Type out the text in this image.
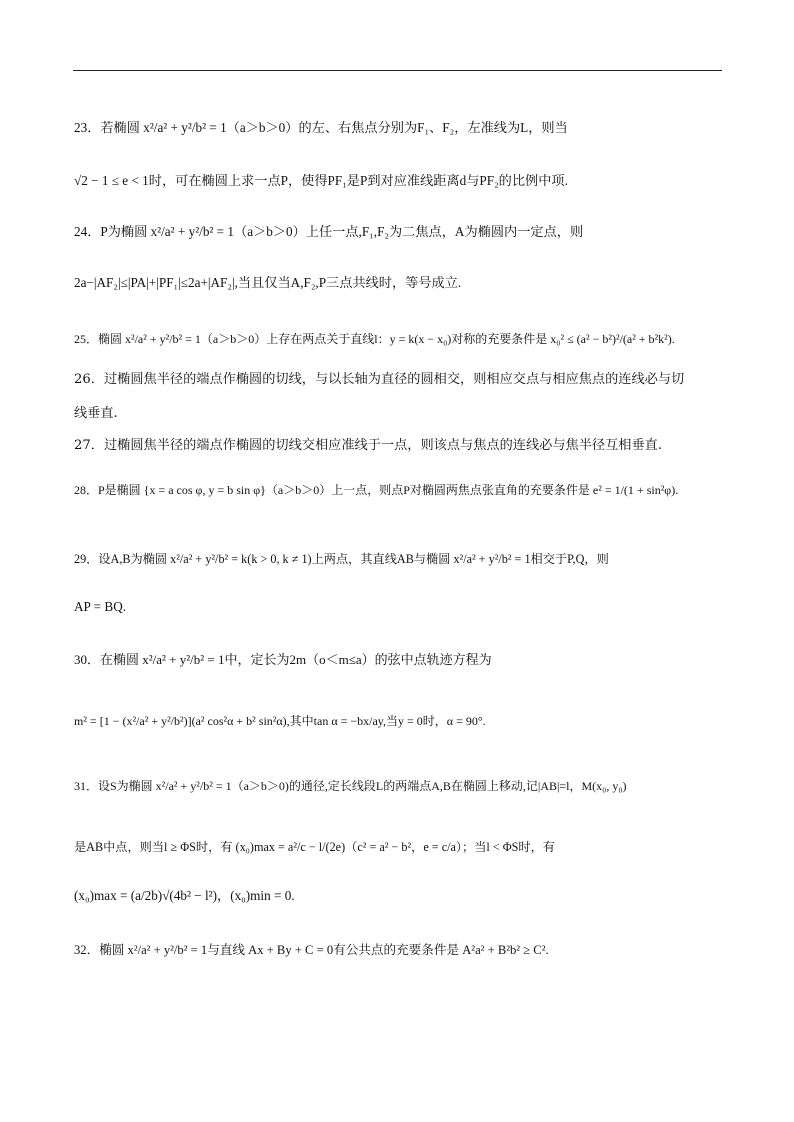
23．若椭圆 x²/a² + y²/b² = 1（a＞b＞0）的左、右焦点分别为F₁、F₂，左准线为L，则当
√2 − 1 ≤ e < 1时，可在椭圆上求一点P，使得PF₁是P到对应准线距离d与PF₂的比例中项.
24．P为椭圆 x²/a² + y²/b² = 1（a＞b＞0）上任一点,F₁,F₂为二焦点，A为椭圆内一定点，则
2a−|AF₂|≤|PA|+|PF₁|≤2a+|AF₂|,当且仅当A,F₂,P三点共线时，等号成立.
25．椭圆 x²/a² + y²/b² = 1（a＞b＞0）上存在两点关于直线l：y = k(x − x₀)对称的充要条件是 x₀² ≤ (a² − b²)²/(a² + b²k²).
26．过椭圆焦半径的端点作椭圆的切线，与以长轴为直径的圆相交，则相应交点与相应焦点的连线必与切
线垂直.
27．过椭圆焦半径的端点作椭圆的切线交相应准线于一点，则该点与焦点的连线必与焦半径互相垂直.
28．P是椭圆 {x = a cos φ, y = b sin φ}（a＞b＞0）上一点，则点P对椭圆两焦点张直角的充要条件是 e² = 1/(1 + sin²φ).
29．设A,B为椭圆 x²/a² + y²/b² = k(k > 0, k ≠ 1)上两点，其直线AB与椭圆 x²/a² + y²/b² = 1相交于P,Q，则
AP = BQ.
30．在椭圆 x²/a² + y²/b² = 1中，定长为2m（o＜m≤a）的弦中点轨迹方程为
m² = [1 − (x²/a² + y²/b²)](a² cos²α + b² sin²α),其中tan α = −bx/ay,当y = 0时，α = 90°.
31．设S为椭圆 x²/a² + y²/b² = 1（a＞b＞0)的通径,定长线段L的两端点A,B在椭圆上移动,记|AB|=l，M(x₀, y₀)
是AB中点，则当l ≥ ΦS时，有 (x₀)max = a²/c − l/(2e)（c² = a² − b²，e = c/a）；当l < ΦS时，有
(x₀)max = (a/2b)√(4b² − l²)，(x₀)min = 0.
32．椭圆 x²/a² + y²/b² = 1与直线 Ax + By + C = 0有公共点的充要条件是 A²a² + B²b² ≥ C².
